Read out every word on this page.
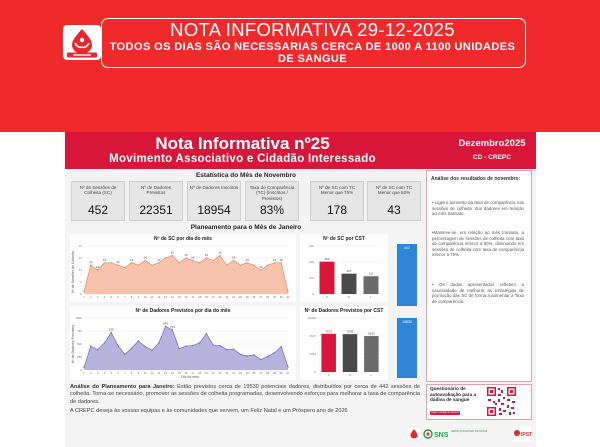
NOTA INFORMATIVA 29-12-2025
TODOS OS DIAS SÃO NECESSARIAS CERCA DE 1000 A 1100 UNIDADES DE SANGUE
Nota Informativa nº25
Movimento Associativo e Cidadão Interessado
Dezembro2025
CD - CREPC
Estatística do Mês de Novembro
Nº de Sessões de Colheita (SC)
452
Nº de Dadores Previstos
22351
Nº de Dadores Inscritos
18954
Taxa de Comparência (TC) (Inscritos / Previstos)
83%
Nº de SC com TC Menor que 75%
178
Nº de SC com TC Menor que 50%
43
Planeamento para o Mês de Janeiro
Nº de SC por dia do mês
Nº de Sessões de Colheita	12
10
13
12
13
14
13
16
15
14
15
16
14
13
10
13 13
1 2 3 4 5 6 7 8 9 10 11 12 13 14 15 16 17 18 19 20 21 22 23 24 25 26 27 28 29 30 31
0
5
10
15
20
Nº de SC por CST
202
127
111
C	P	L
0
100
200
300
Nº de Dadores Previstos por dia do mês
Nº de Dadores Previstos
Dia do mês
720
843
770
1 2 3 4 5 6 7 8 9 10 11 12 13 14 15 16 17 18 19 20 21 22 23 24 25 26 27 28 29 30 31
0
250
500
750
1000
Nº de Dadores Previstos por CST
7072	7009	6653
C	P	L
0
3333
6667
10000
442
19530
Análise dos resultados de novembro:
• Ligeiro aumento da taxa de comparência nas sessões de colheita, dos dadores em relação ao mês transato.
•Manteve-se, em relação ao mês transato, a percentagem de sessões de colheita com taxa de comparência inferior a 50%, diminuindo em sessões de colheita com taxa de comparência inferior a 75%
• Os dados apresentados refletem a necessidade de melhorar as estratégias de promoção das SC de forma a aumentar a Taxa de comparência.
Análise do Planeamento para Janeiro: Estão previstos cerca de 19530 potenciais dadores, distribuídos por cerca de 442 sessões de colheita. Torna-se necessário, promover as sessões de colheita programadas, desenvolvendo esforços para melhorar a taxa de comparência de dadores.
A CREPC deseja às vossas equipas e às comunidades que servem, um Feliz Natal e um Próspero ano de 2026
Questionário de autoavaliação para a dádiva de sangue
Ligar o código de acesso
SNS
SERVIÇO NACIONAL DE SAÚDE
IPST
